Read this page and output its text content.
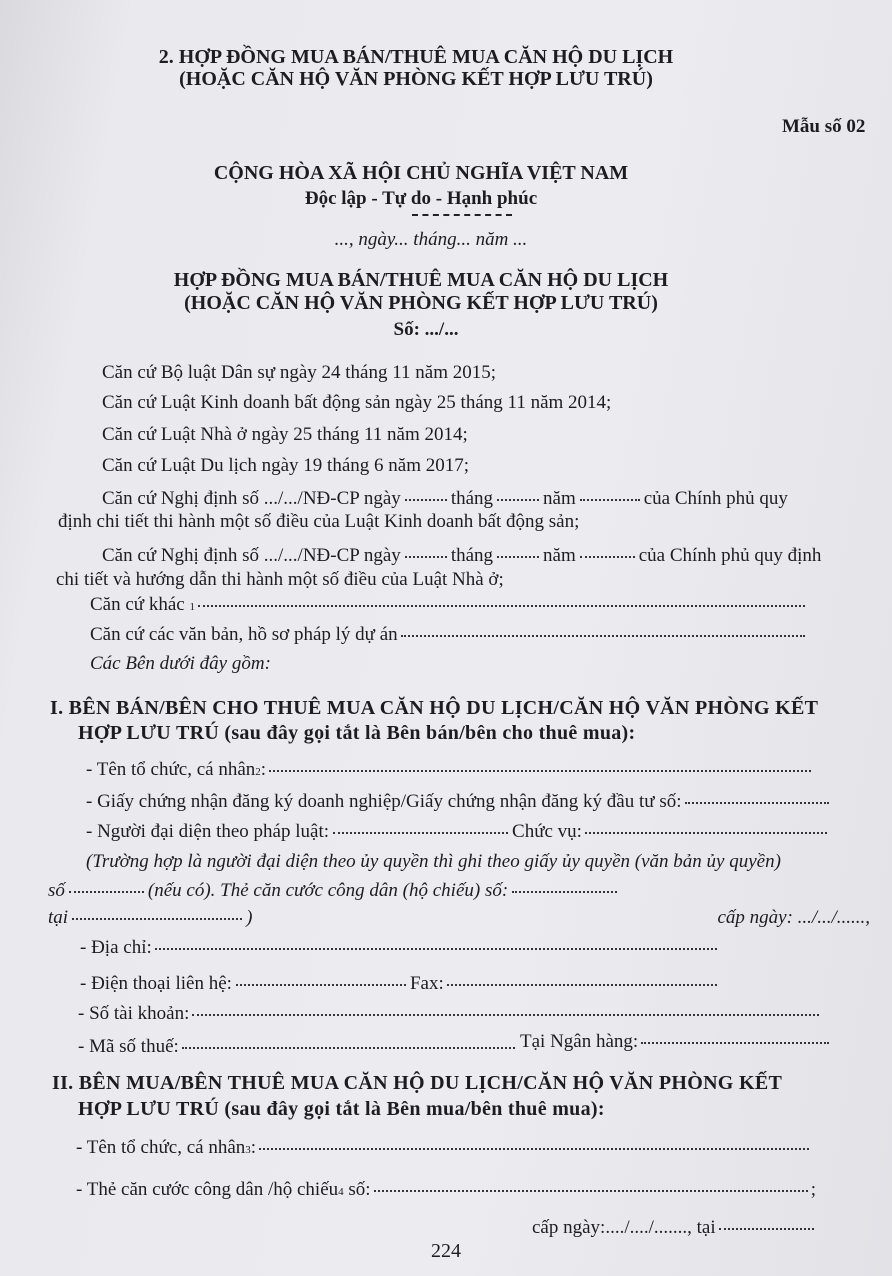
2. HỢP ĐỒNG MUA BÁN/THUÊ MUA CĂN HỘ DU LỊCH
(HOẶC CĂN HỘ VĂN PHÒNG KẾT HỢP LƯU TRÚ)
Mẫu số 02
CỘNG HÒA XÃ HỘI CHỦ NGHĨA VIỆT NAM
Độc lập - Tự do - Hạnh phúc
..., ngày... tháng... năm ...
HỢP ĐỒNG MUA BÁN/THUÊ MUA CĂN HỘ DU LỊCH
(HOẶC CĂN HỘ VĂN PHÒNG KẾT HỢP LƯU TRÚ)
Số: .../...
Căn cứ Bộ luật Dân sự ngày 24 tháng 11 năm 2015;
Căn cứ Luật Kinh doanh bất động sản ngày 25 tháng 11 năm 2014;
Căn cứ Luật Nhà ở ngày 25 tháng 11 năm 2014;
Căn cứ Luật Du lịch ngày 19 tháng 6 năm 2017;
Căn cứ Nghị định số .../.../NĐ-CP ngày	tháng	năm	của Chính phủ quy
định chi tiết thi hành một số điều của Luật Kinh doanh bất động sản;
Căn cứ Nghị định số .../.../NĐ-CP ngày	tháng	năm	của Chính phủ quy định
chi tiết và hướng dẫn thi hành một số điều của Luật Nhà ở;
Căn cứ khác
1
Căn cứ các văn bản, hồ sơ pháp lý dự án
Các Bên dưới đây gồm:
I. BÊN BÁN/BÊN CHO THUÊ MUA CĂN HỘ DU LỊCH/CĂN HỘ VĂN PHÒNG KẾT
HỢP LƯU TRÚ (sau đây gọi tắt là Bên bán/bên cho thuê mua):
- Tên tổ chức, cá nhân 2 :
- Giấy chứng nhận đăng ký doanh nghiệp/Giấy chứng nhận đăng ký đầu tư số:
- Người đại diện theo pháp luật:	Chức vụ:
(Trường hợp là người đại diện theo ủy quyền thì ghi theo giấy ủy quyền (văn bản ủy quyền)
số	(nếu có). Thẻ căn cước công dân (hộ chiếu) số:
tại	)	cấp ngày: .../.../......,
- Địa chỉ:
- Điện thoại liên hệ:	Fax:
- Số tài khoản:
Tại Ngân hàng:
- Mã số thuế:
II. BÊN MUA/BÊN THUÊ MUA CĂN HỘ DU LỊCH/CĂN HỘ VĂN PHÒNG KẾT
HỢP LƯU TRÚ (sau đây gọi tắt là Bên mua/bên thuê mua):
- Tên tổ chức, cá nhân 3 :
- Thẻ căn cước công dân /hộ chiếu 4
số:	;
cấp ngày:..../..../.......,
tại
224
